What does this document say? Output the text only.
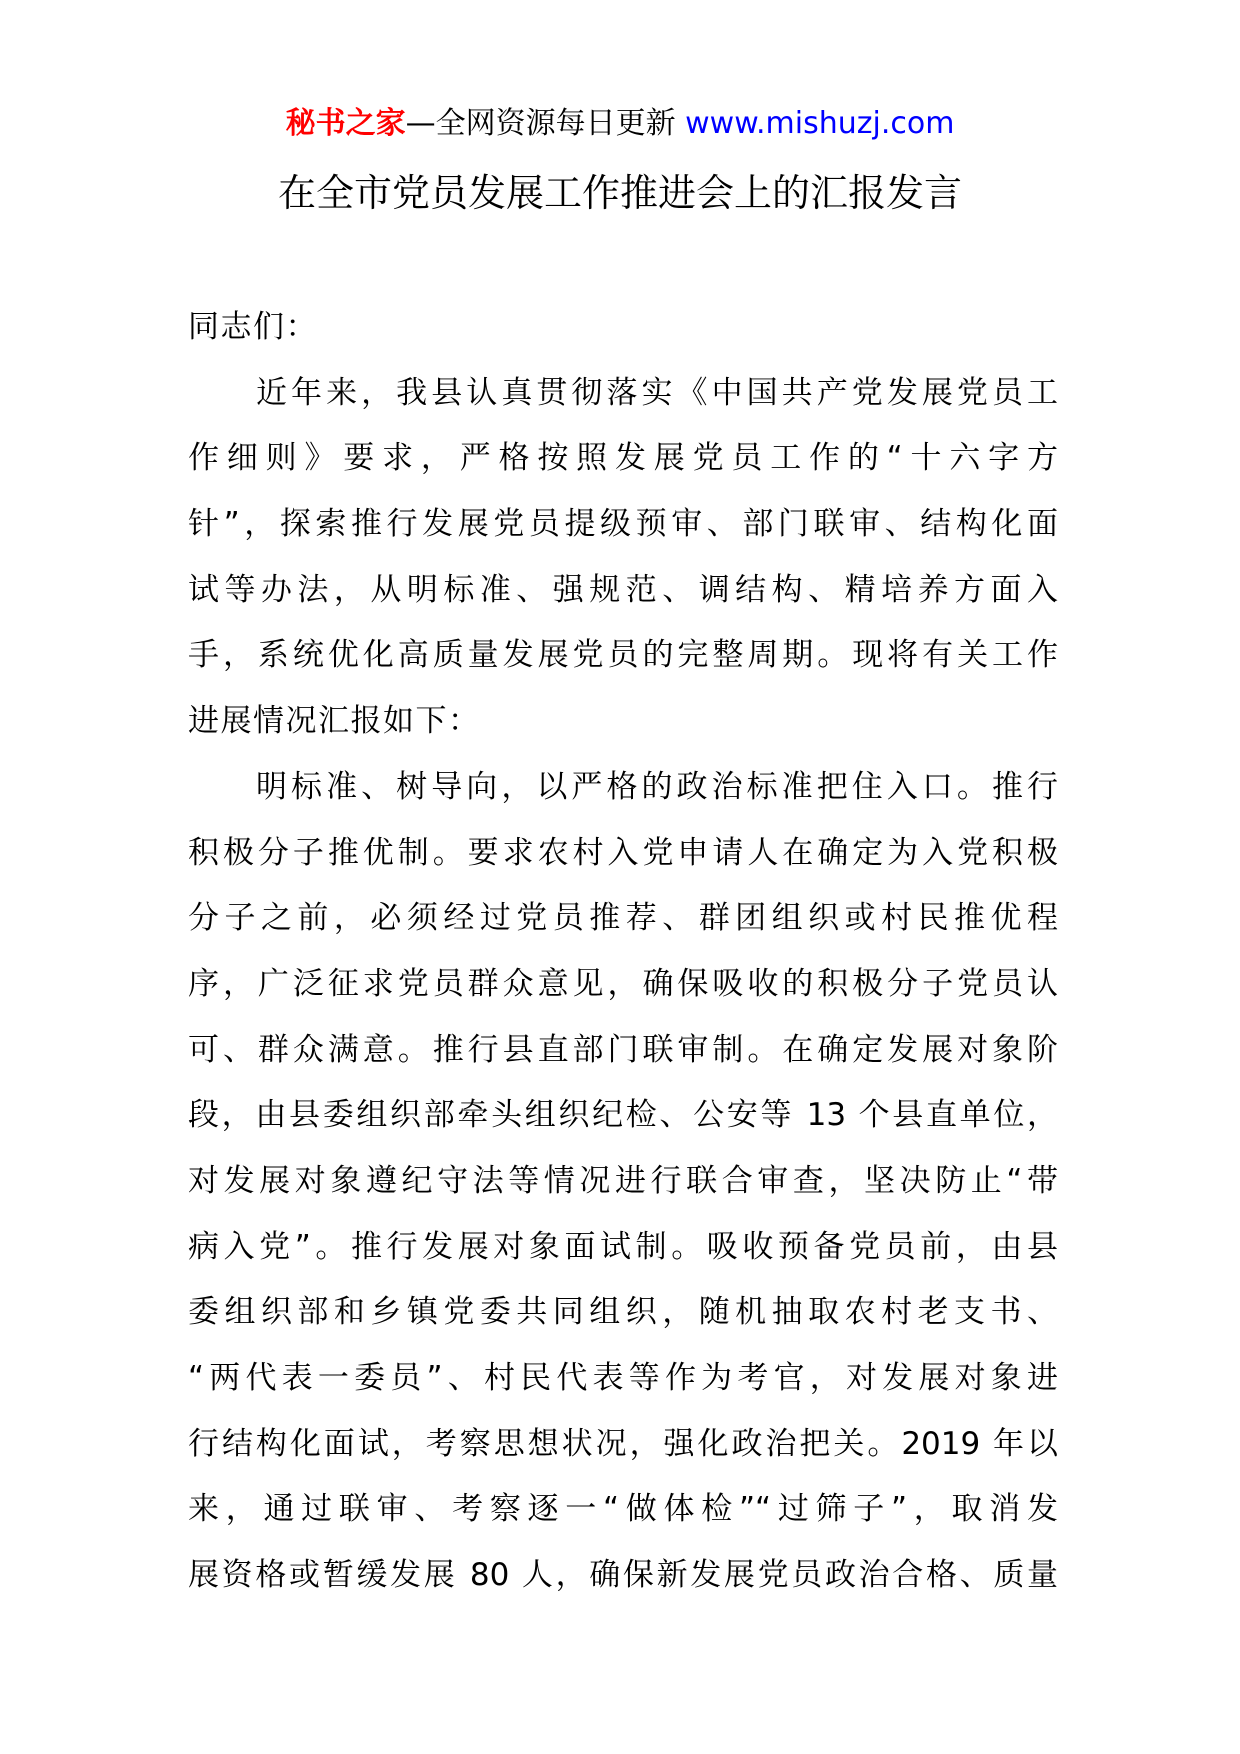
秘书之家—全网资源每日更新 www.mishuzj.com
在全市党员发展工作推进会上的汇报发言
同志们：
近年来，我县认真贯彻落实《中国共产党发展党员工
作细则》要求，严格按照发展党员工作的“十六字方
针”，探索推行发展党员提级预审、部门联审、结构化面
试等办法，从明标准、强规范、调结构、精培养方面入
手，系统优化高质量发展党员的完整周期。现将有关工作
进展情况汇报如下：
明标准、树导向，以严格的政治标准把住入口。推行
积极分子推优制。要求农村入党申请人在确定为入党积极
分子之前，必须经过党员推荐、群团组织或村民推优程
序，广泛征求党员群众意见，确保吸收的积极分子党员认
可、群众满意。推行县直部门联审制。在确定发展对象阶
段，由县委组织部牵头组织纪检、公安等 13 个县直单位，
对发展对象遵纪守法等情况进行联合审查，坚决防止“带
病入党”。推行发展对象面试制。吸收预备党员前，由县
委组织部和乡镇党委共同组织，随机抽取农村老支书、
“两代表一委员”、村民代表等作为考官，对发展对象进
行结构化面试，考察思想状况，强化政治把关。2019 年以
来，通过联审、考察逐一“做体检”“过筛子”，取消发
展资格或暂缓发展 80 人，确保新发展党员政治合格、质量
